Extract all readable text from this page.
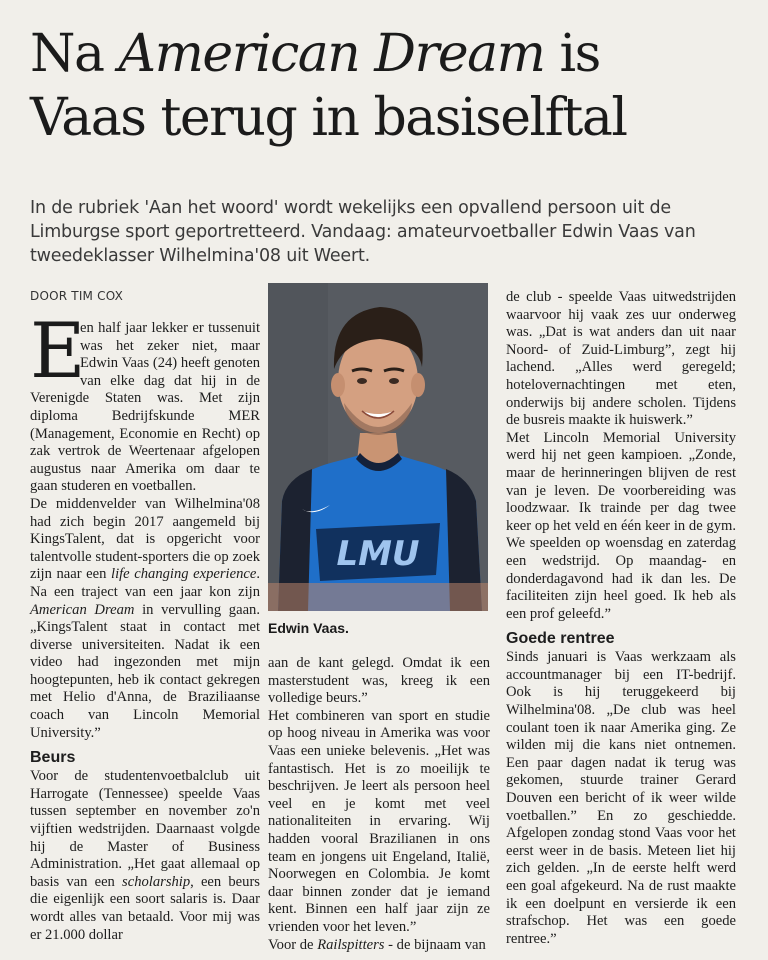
Na American Dream is
Vaas terug in basiselftal

In de rubriek 'Aan het woord' wordt wekelijks een opvallend persoon uit de Limburgse sport geportretteerd. Vandaag: amateurvoetballer Edwin Vaas van tweedeklasser Wilhelmina'08 uit Weert.

DOOR TIM COX

E
en half jaar lekker er tussenuit was het zeker niet, maar Edwin Vaas (24) heeft genoten van elke dag dat hij in de Verenigde Staten was. Met zijn diploma Bedrijfskunde MER (Management, Economie en Recht) op zak vertrok de Weertenaar afgelopen augustus naar Amerika om daar te gaan studeren en voetballen.

De middenvelder van Wilhelmina'08 had zich begin 2017 aangemeld bij KingsTalent, dat is opgericht voor talentvolle student-sporters die op zoek zijn naar een life changing experience. Na een traject van een jaar kon zijn American Dream in vervulling gaan. „KingsTalent staat in contact met diverse universiteiten. Nadat ik een video had ingezonden met mijn hoogtepunten, heb ik contact gekregen met Helio d'Anna, de Braziliaanse coach van Lincoln Memorial University.”

Beurs

Voor de studentenvoetbalclub uit Harrogate (Tennessee) speelde Vaas tussen september en november zo'n vijftien wedstrijden. Daarnaast volgde hij de Master of Business Administration. „Het gaat allemaal op basis van een scholarship, een beurs die eigenlijk een soort salaris is. Daar wordt alles van betaald. Voor mij was er 21.000 dollar

LMU
Edwin Vaas.

aan de kant gelegd. Omdat ik een masterstudent was, kreeg ik een volledige beurs.”

Het combineren van sport en studie op hoog niveau in Amerika was voor Vaas een unieke belevenis. „Het was fantastisch. Het is zo moeilijk te beschrijven. Je leert als persoon heel veel en je komt met veel nationaliteiten in ervaring. Wij hadden vooral Brazilianen in ons team en jongens uit Engeland, Italië, Noorwegen en Colombia. Je komt daar binnen zonder dat je iemand kent. Binnen een half jaar zijn ze vrienden voor het leven.”

Voor de Railspitters - de bijnaam van

de club - speelde Vaas uitwedstrijden waarvoor hij vaak zes uur onderweg was. „Dat is wat anders dan uit naar Noord- of Zuid-Limburg”, zegt hij lachend. „Alles werd geregeld; hotelovernachtingen met eten, onderwijs bij andere scholen. Tijdens de busreis maakte ik huiswerk.”

Met Lincoln Memorial University werd hij net geen kampioen. „Zonde, maar de herinneringen blijven de rest van je leven. De voorbereiding was loodzwaar. Ik trainde per dag twee keer op het veld en één keer in de gym. We speelden op woensdag en zaterdag een wedstrijd. Op maandag- en donderdagavond had ik dan les. De faciliteiten zijn heel goed. Ik heb als een prof geleefd.”

Goede rentree

Sinds januari is Vaas werkzaam als accountmanager bij een IT-bedrijf. Ook is hij teruggekeerd bij Wilhelmina'08. „De club was heel coulant toen ik naar Amerika ging. Ze wilden mij die kans niet ontnemen. Een paar dagen nadat ik terug was gekomen, stuurde trainer Gerard Douven een bericht of ik weer wilde voetballen.” En zo geschiedde. Afgelopen zondag stond Vaas voor het eerst weer in de basis. Meteen liet hij zich gelden. „In de eerste helft werd een goal afgekeurd. Na de rust maakte ik een doelpunt en versierde ik een strafschop. Het was een goede rentree.”
